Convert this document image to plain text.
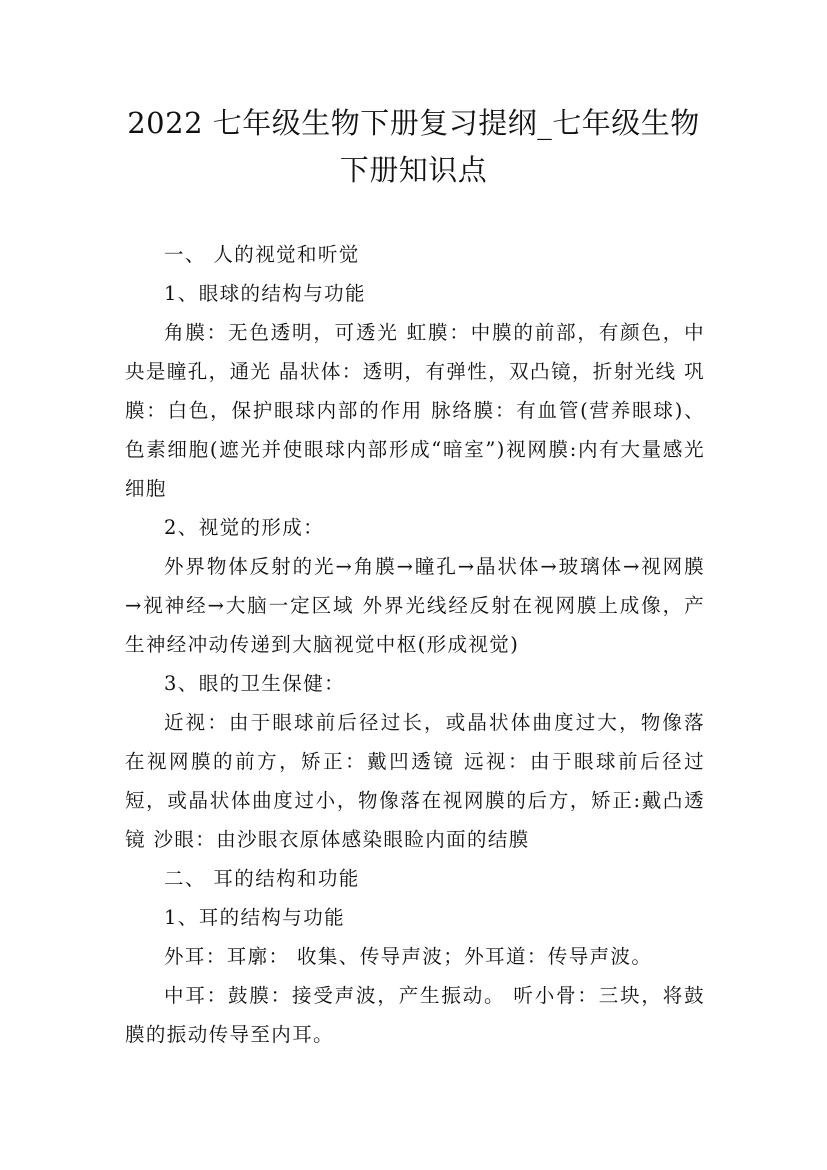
2022 七年级生物下册复习提纲_七年级生物
下册知识点

一、 人的视觉和听觉

1、眼球的结构与功能

角膜：无色透明，可透光 虹膜：中膜的前部，有颜色，中央是瞳孔，通光 晶状体：透明，有弹性，双凸镜，折射光线 巩膜：白色，保护眼球内部的作用 脉络膜：有血管(营养眼球)、色素细胞(遮光并使眼球内部形成“暗室”)视网膜:内有大量感光细胞

2、视觉的形成：

外界物体反射的光→角膜→瞳孔→晶状体→玻璃体→视网膜→视神经→大脑一定区域 外界光线经反射在视网膜上成像，产生神经冲动传递到大脑视觉中枢(形成视觉)

3、眼的卫生保健：

近视：由于眼球前后径过长，或晶状体曲度过大，物像落在视网膜的前方，矫正：戴凹透镜 远视：由于眼球前后径过短，或晶状体曲度过小，物像落在视网膜的后方，矫正:戴凸透镜 沙眼：由沙眼衣原体感染眼睑内面的结膜

二、 耳的结构和功能

1、耳的结构与功能

外耳：耳廓： 收集、传导声波；外耳道：传导声波。

中耳：鼓膜：接受声波，产生振动。 听小骨：三块，将鼓膜的振动传导至内耳。
